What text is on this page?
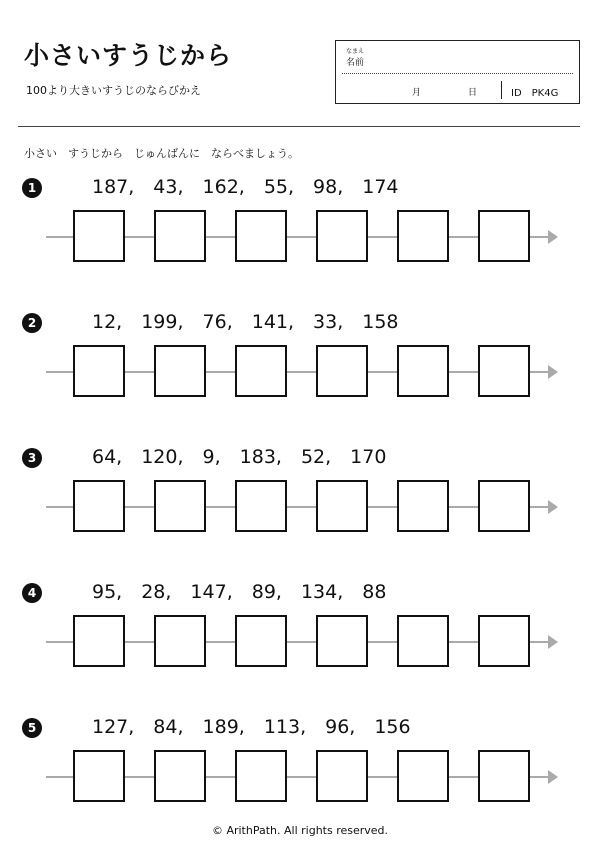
小さいすうじから
100より大きいすうじのならびかえ
なまえ
名前
月	日	ID　PK4G
小さい　すうじから　じゅんばんに　ならべましょう。
1	187,　43,　162,　55,　98,　174
2	12,　199,　76,　141,　33,　158
3	64,　120,　9,　183,　52,　170
4	95,　28,　147,　89,　134,　88
5	127,　84,　189,　113,　96,　156
© ArithPath. All rights reserved.
